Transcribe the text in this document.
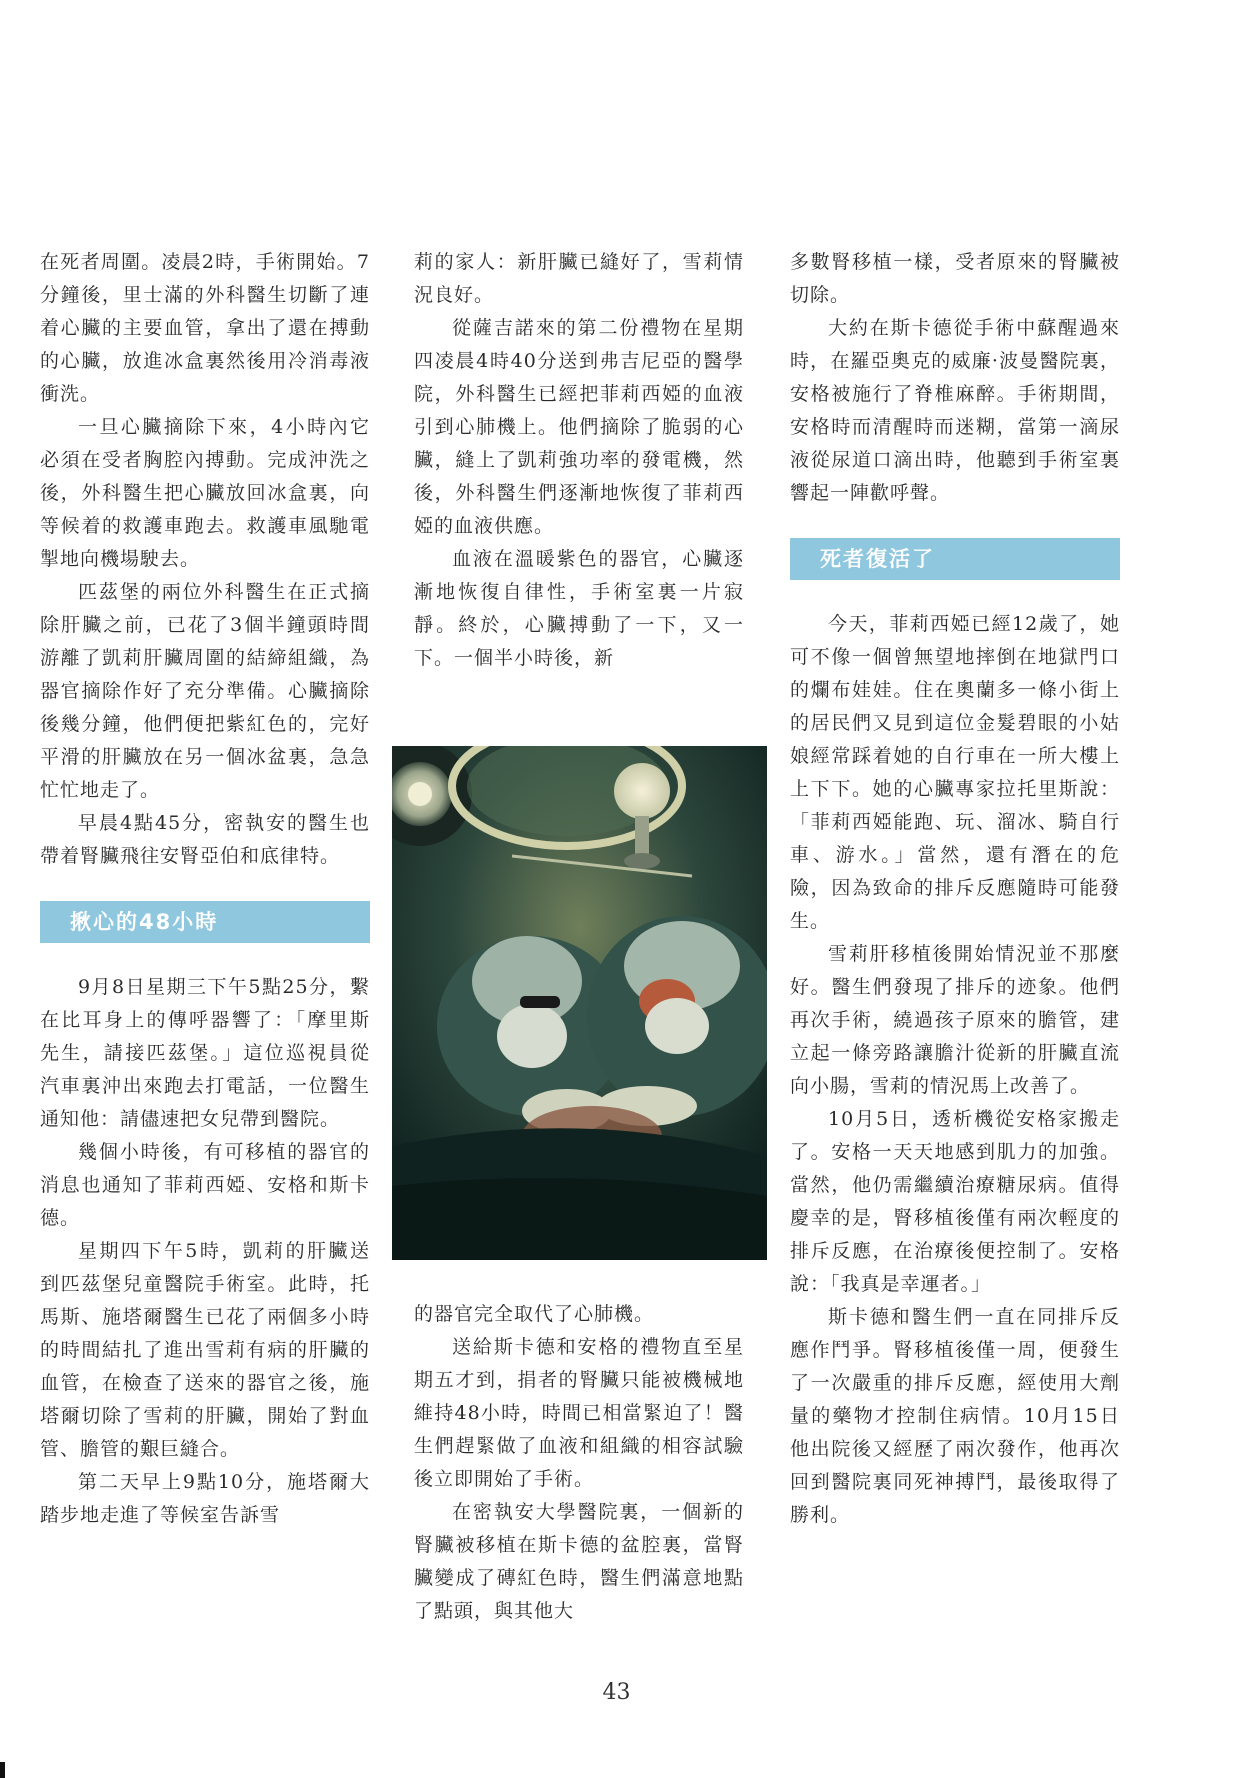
在死者周圍。凌晨2時，手術開始。7分鐘後，里士滿的外科醫生切斷了連着心臟的主要血管，拿出了還在搏動的心臟，放進冰盒裏然後用冷消毒液衝洗。

一旦心臟摘除下來，4小時內它必須在受者胸腔內搏動。完成沖洗之後，外科醫生把心臟放回冰盒裏，向等候着的救護車跑去。救護車風馳電掣地向機場駛去。

匹茲堡的兩位外科醫生在正式摘除肝臟之前，已花了3個半鐘頭時間游離了凱莉肝臟周圍的結締組織，為器官摘除作好了充分準備。心臟摘除後幾分鐘，他們便把紫紅色的，完好平滑的肝臟放在另一個冰盆裏，急急忙忙地走了。

早晨4點45分，密執安的醫生也帶着腎臟飛往安腎亞伯和底律特。

揪心的48小時

9月8日星期三下午5點25分，繫在比耳身上的傳呼器響了：「摩里斯先生，請接匹茲堡。」這位巡視員從汽車裏沖出來跑去打電話，一位醫生通知他：請儘速把女兒帶到醫院。

幾個小時後，有可移植的器官的消息也通知了菲莉西婭、安格和斯卡德。

星期四下午5時，凱莉的肝臟送到匹茲堡兒童醫院手術室。此時，托馬斯、施塔爾醫生已花了兩個多小時的時間結扎了進出雪莉有病的肝臟的血管，在檢查了送來的器官之後，施塔爾切除了雪莉的肝臟，開始了對血管、膽管的艱巨縫合。

第二天早上9點10分，施塔爾大踏步地走進了等候室告訴雪

莉的家人：新肝臟已縫好了，雪莉情況良好。

從薩吉諾來的第二份禮物在星期四凌晨4時40分送到弗吉尼亞的醫學院，外科醫生已經把菲莉西婭的血液引到心肺機上。他們摘除了脆弱的心臟，縫上了凱莉強功率的發電機，然後，外科醫生們逐漸地恢復了菲莉西婭的血液供應。

血液在溫暖紫色的器官，心臟逐漸地恢復自律性，手術室裏一片寂靜。終於，心臟搏動了一下，又一下。一個半小時後，新

的器官完全取代了心肺機。

送給斯卡德和安格的禮物直至星期五才到，捐者的腎臟只能被機械地維持48小時，時間已相當緊迫了！醫生們趕緊做了血液和組織的相容試驗後立即開始了手術。

在密執安大學醫院裏，一個新的腎臟被移植在斯卡德的盆腔裏，當腎臟變成了磚紅色時，醫生們滿意地點了點頭，與其他大

多數腎移植一樣，受者原來的腎臟被切除。

大約在斯卡德從手術中蘇醒過來時，在羅亞奧克的威廉·波曼醫院裏，安格被施行了脊椎麻醉。手術期間，安格時而清醒時而迷糊，當第一滴尿液從尿道口滴出時，他聽到手術室裏響起一陣歡呼聲。

死者復活了

今天，菲莉西婭已經12歲了，她可不像一個曾無望地摔倒在地獄門口的爛布娃娃。住在奧蘭多一條小街上的居民們又見到這位金髮碧眼的小姑娘經常踩着她的自行車在一所大樓上上下下。她的心臟專家拉托里斯說：「菲莉西婭能跑、玩、溜冰、騎自行車、游水。」當然，還有潛在的危險，因為致命的排斥反應隨時可能發生。

雪莉肝移植後開始情況並不那麼好。醫生們發現了排斥的迹象。他們再次手術，繞過孩子原來的膽管，建立起一條旁路讓膽汁從新的肝臟直流向小腸，雪莉的情況馬上改善了。

10月5日，透析機從安格家搬走了。安格一天天地感到肌力的加強。當然，他仍需繼續治療糖尿病。值得慶幸的是，腎移植後僅有兩次輕度的排斥反應，在治療後便控制了。安格說：「我真是幸運者。」

斯卡德和醫生們一直在同排斥反應作鬥爭。腎移植後僅一周，便發生了一次嚴重的排斥反應，經使用大劑量的藥物才控制住病情。10月15日他出院後又經歷了兩次發作，他再次回到醫院裏同死神搏鬥，最後取得了勝利。

43
